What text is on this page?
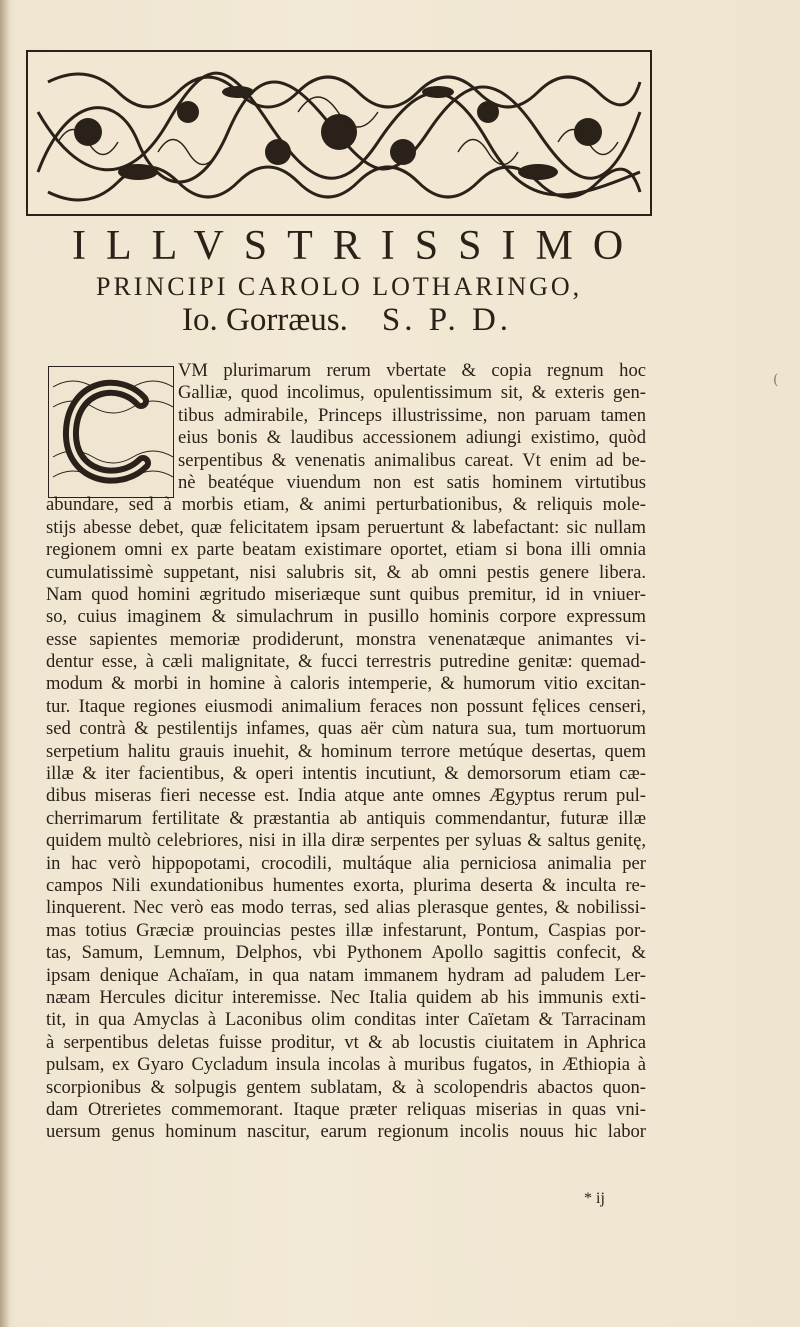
ILLVSTRISSIMO
PRINCIPI CAROLO LOTHARINGO,
Io. Gorræus. S. P. D.
VM plurimarum rerum vbertate & copia regnum hoc
Galliæ, quod incolimus, opulentissimum sit, & exteris gen-
tibus admirabile, Princeps illustrissime, non paruam tamen
eius bonis & laudibus accessionem adiungi existimo, quòd
serpentibus & venenatis animalibus careat. Vt enim ad be-
nè beatéque viuendum non est satis hominem virtutibus
abundare, sed à morbis etiam, & animi perturbationibus, & reliquis mole-
stijs abesse debet, quæ felicitatem ipsam peruertunt & labefactant: sic nullam
regionem omni ex parte beatam existimare oportet, etiam si bona illi omnia
cumulatissimè suppetant, nisi salubris sit, & ab omni pestis genere libera.
Nam quod homini ægritudo miseriæque sunt quibus premitur, id in vniuer-
so, cuius imaginem & simulachrum in pusillo hominis corpore expressum
esse sapientes memoriæ prodiderunt, monstra venenatæque animantes vi-
dentur esse, à cæli malignitate, & fucci terrestris putredine genitæ: quemad-
modum & morbi in homine à caloris intemperie, & humorum vitio excitan-
tur. Itaque regiones eiusmodi animalium feraces non possunt fęlices censeri,
sed contrà & pestilentijs infames, quas aër cùm natura sua, tum mortuorum
serpetium halitu grauis inuehit, & hominum terrore metúque desertas, quem
illæ & iter facientibus, & operi intentis incutiunt, & demorsorum etiam cæ-
dibus miseras fieri necesse est. India atque ante omnes Ægyptus rerum pul-
cherrimarum fertilitate & præstantia ab antiquis commendantur, futuræ illæ
quidem multò celebriores, nisi in illa diræ serpentes per syluas & saltus genitę,
in hac verò hippopotami, crocodili, multáque alia perniciosa animalia per
campos Nili exundationibus humentes exorta, plurima deserta & inculta re-
linquerent. Nec verò eas modo terras, sed alias plerasque gentes, & nobilissi-
mas totius Græciæ prouincias pestes illæ infestarunt, Pontum, Caspias por-
tas, Samum, Lemnum, Delphos, vbi Pythonem Apollo sagittis confecit, &
ipsam denique Achaïam, in qua natam immanem hydram ad paludem Ler-
næam Hercules dicitur interemisse. Nec Italia quidem ab his immunis exti-
tit, in qua Amyclas à Laconibus olim conditas inter Caïetam & Tarracinam
à serpentibus deletas fuisse proditur, vt & ab locustis ciuitatem in Aphrica
pulsam, ex Gyaro Cycladum insula incolas à muribus fugatos, in Æthiopia à
scorpionibus & solpugis gentem sublatam, & à scolopendris abactos quon-
dam Otrerietes commemorant. Itaque præter reliquas miserias in quas vni-
uersum genus hominum nascitur, earum regionum incolis nouus hic labor
* ij
(
